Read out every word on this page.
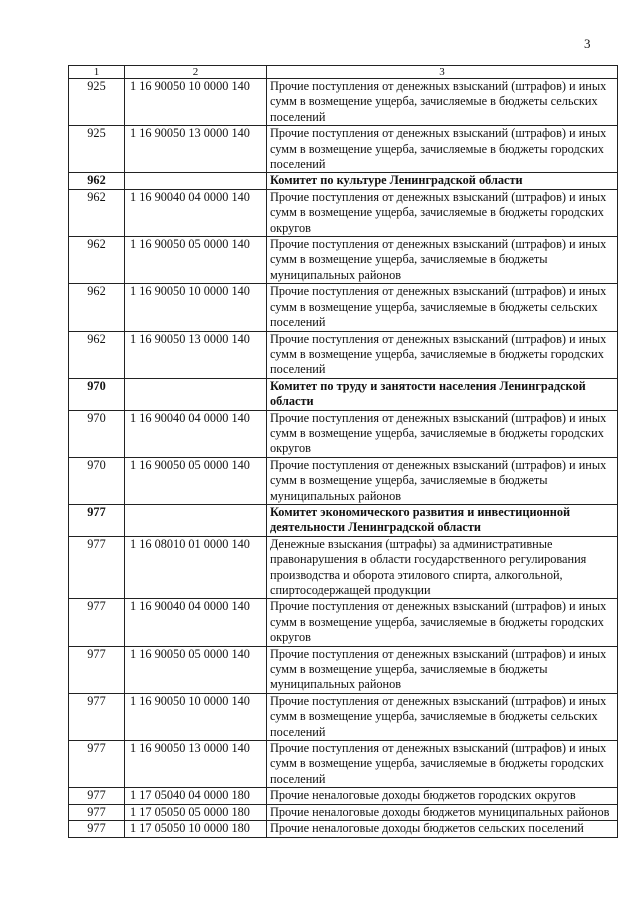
3
1	2	3
925	1 16 90050 10 0000 140	Прочие поступления от денежных взысканий (штрафов) и иных сумм в возмещение ущерба, зачисляемые в бюджеты сельских поселений
925	1 16 90050 13 0000 140	Прочие поступления от денежных взысканий (штрафов) и иных сумм в возмещение ущерба, зачисляемые в бюджеты городских поселений
962		Комитет по культуре Ленинградской области
962	1 16 90040 04 0000 140	Прочие поступления от денежных взысканий (штрафов) и иных сумм в возмещение ущерба, зачисляемые в бюджеты городских округов
962	1 16 90050 05 0000 140	Прочие поступления от денежных взысканий (штрафов) и иных сумм в возмещение ущерба, зачисляемые в бюджеты муниципальных районов
962	1 16 90050 10 0000 140	Прочие поступления от денежных взысканий (штрафов) и иных сумм в возмещение ущерба, зачисляемые в бюджеты сельских поселений
962	1 16 90050 13 0000 140	Прочие поступления от денежных взысканий (штрафов) и иных сумм в возмещение ущерба, зачисляемые в бюджеты городских поселений
970		Комитет по труду и занятости населения Ленинградской области
970	1 16 90040 04 0000 140	Прочие поступления от денежных взысканий (штрафов) и иных сумм в возмещение ущерба, зачисляемые в бюджеты городских округов
970	1 16 90050 05 0000 140	Прочие поступления от денежных взысканий (штрафов) и иных сумм в возмещение ущерба, зачисляемые в бюджеты муниципальных районов
977		Комитет экономического развития и инвестиционной деятельности Ленинградской области
977	1 16 08010 01 0000 140	Денежные взыскания (штрафы) за административные правонарушения в области государственного регулирования производства и оборота этилового спирта, алкогольной, спиртосодержащей продукции
977	1 16 90040 04 0000 140	Прочие поступления от денежных взысканий (штрафов) и иных сумм в возмещение ущерба, зачисляемые в бюджеты городских округов
977	1 16 90050 05 0000 140	Прочие поступления от денежных взысканий (штрафов) и иных сумм в возмещение ущерба, зачисляемые в бюджеты муниципальных районов
977	1 16 90050 10 0000 140	Прочие поступления от денежных взысканий (штрафов) и иных сумм в возмещение ущерба, зачисляемые в бюджеты сельских поселений
977	1 16 90050 13 0000 140	Прочие поступления от денежных взысканий (штрафов) и иных сумм в возмещение ущерба, зачисляемые в бюджеты городских поселений
977	1 17 05040 04 0000 180	Прочие неналоговые доходы бюджетов городских округов
977	1 17 05050 05 0000 180	Прочие неналоговые доходы бюджетов муниципальных районов
977	1 17 05050 10 0000 180	Прочие неналоговые доходы бюджетов сельских поселений
